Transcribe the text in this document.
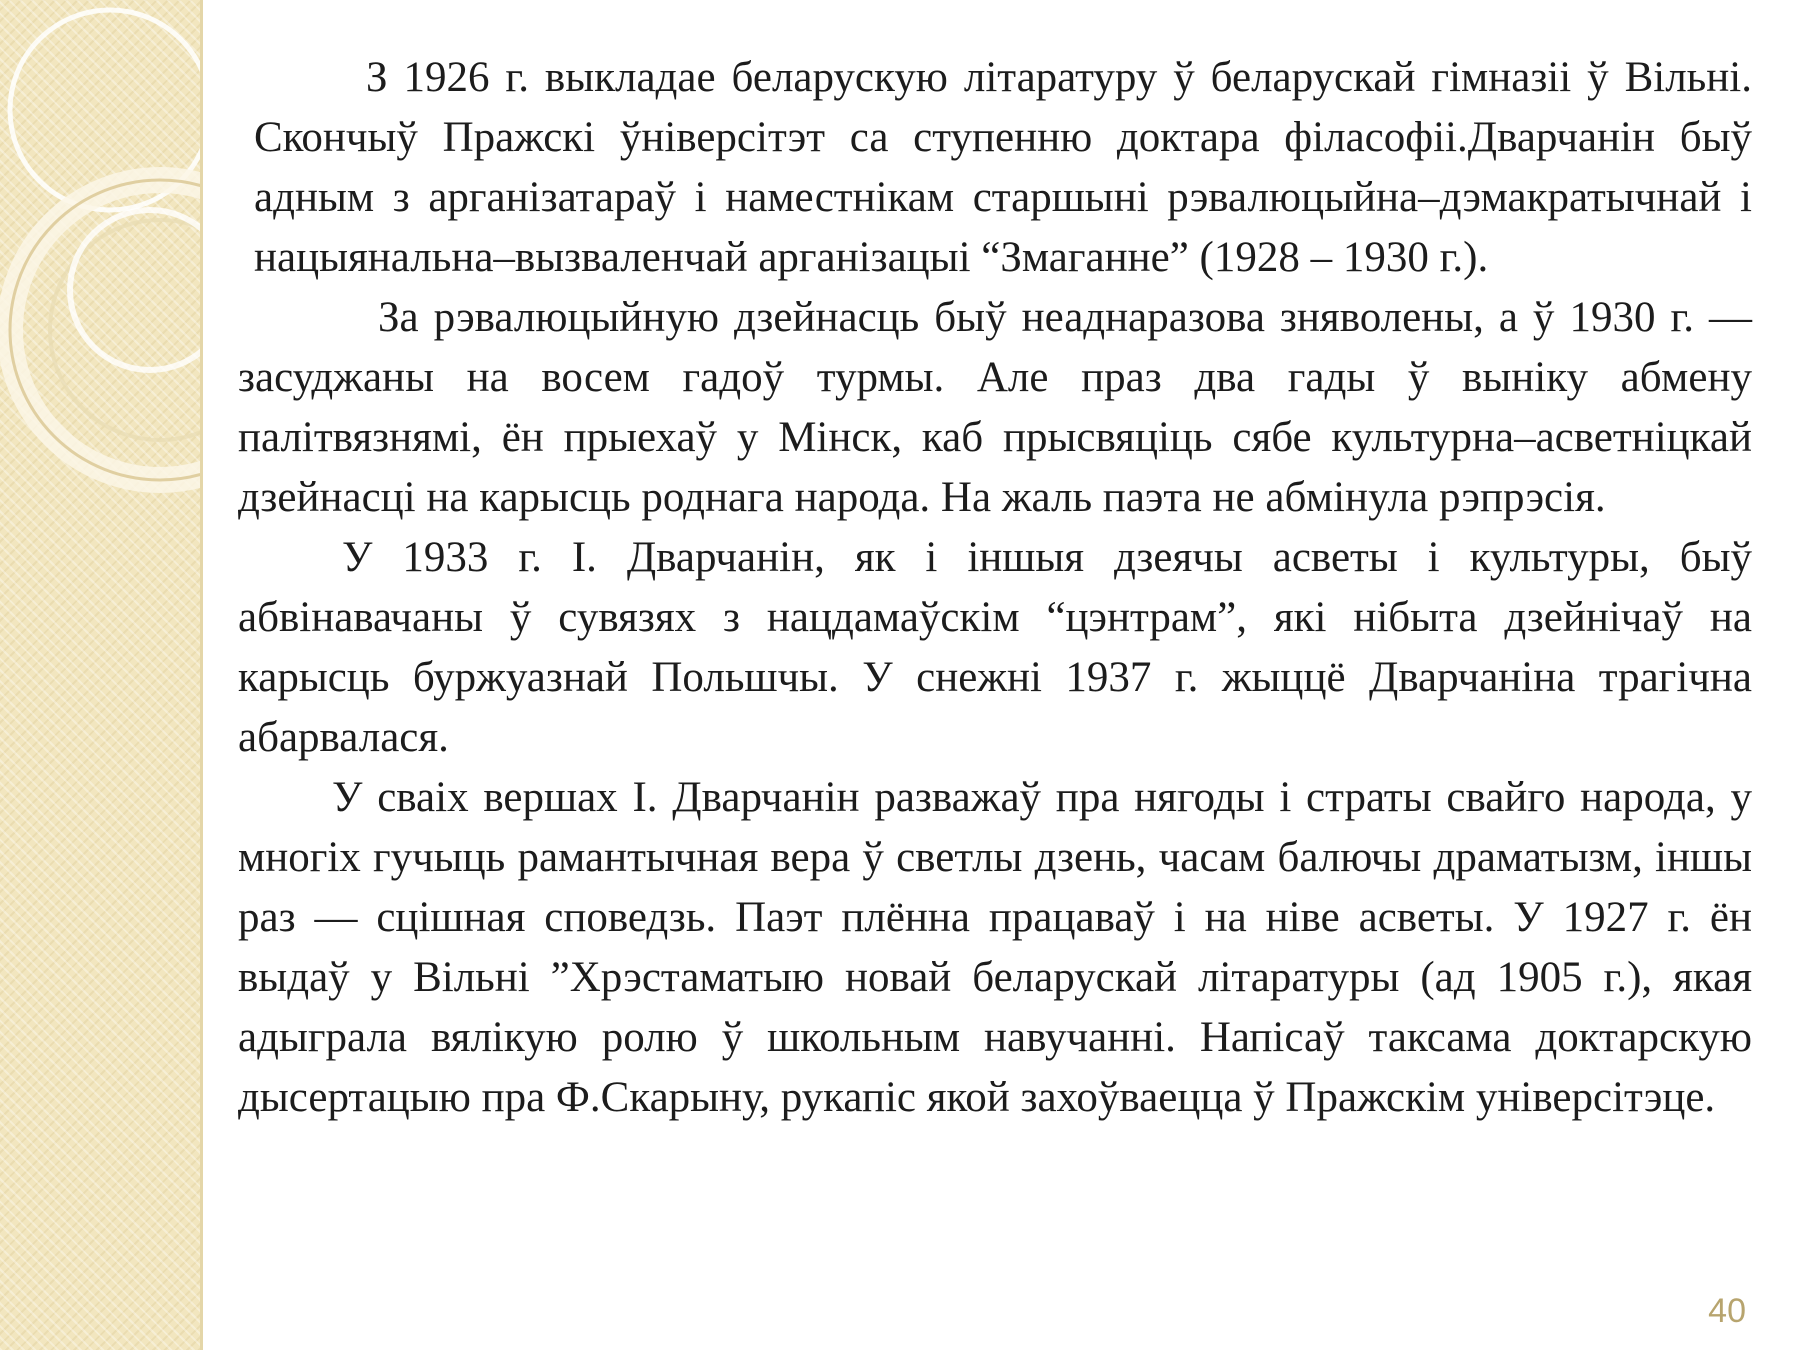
З 1926 г. выкладае беларускую літаратуру ў беларускай гімназіі ў Вільні. Скончыў Пражскі ўніверсітэт са ступенню доктара філасофіі.Дварчанін быў адным з арганізатараў і наместнікам старшыні рэвалюцыйна–дэмакратычнай і нацыянальна–вызваленчай арганізацыі “Змаганне” (1928 – 1930 г.).

За рэвалюцыйную дзейнасць быў неаднаразова зняволены, а ў 1930 г. — засуджаны на восем гадоў турмы. Але праз два гады ў выніку абмену палітвязнямі, ён прыехаў у Мінск, каб прысвяціць сябе культурна–асветніцкай дзейнасці на карысць роднага народа. На жаль паэта не абмінула рэпрэсія.

У 1933 г. І. Дварчанін, як і іншыя дзеячы асветы і культуры, быў абвінавачаны ў сувязях з нацдамаўскім “цэнтрам”, які нібыта дзейнічаў на карысць буржуазнай Польшчы. У снежні 1937 г. жыццё Дварчаніна трагічна абарвалася.

У сваіх вершах І. Дварчанін разважаў пра нягоды і страты свайго народа, у многіх гучыць рамантычная вера ў светлы дзень, часам балючы драматызм, іншы раз — сцішная споведзь. Паэт плённа працаваў і на ніве асветы. У 1927 г. ён выдаў у Вільні ”Хрэстаматыю новай беларускай літаратуры (ад 1905 г.), якая адыграла вялікую ролю ў школьным навучанні. Напісаў таксама доктарскую дысертацыю пра Ф.Скарыну, рукапіс якой захоўваецца ў Пражскім універсітэце.

40
